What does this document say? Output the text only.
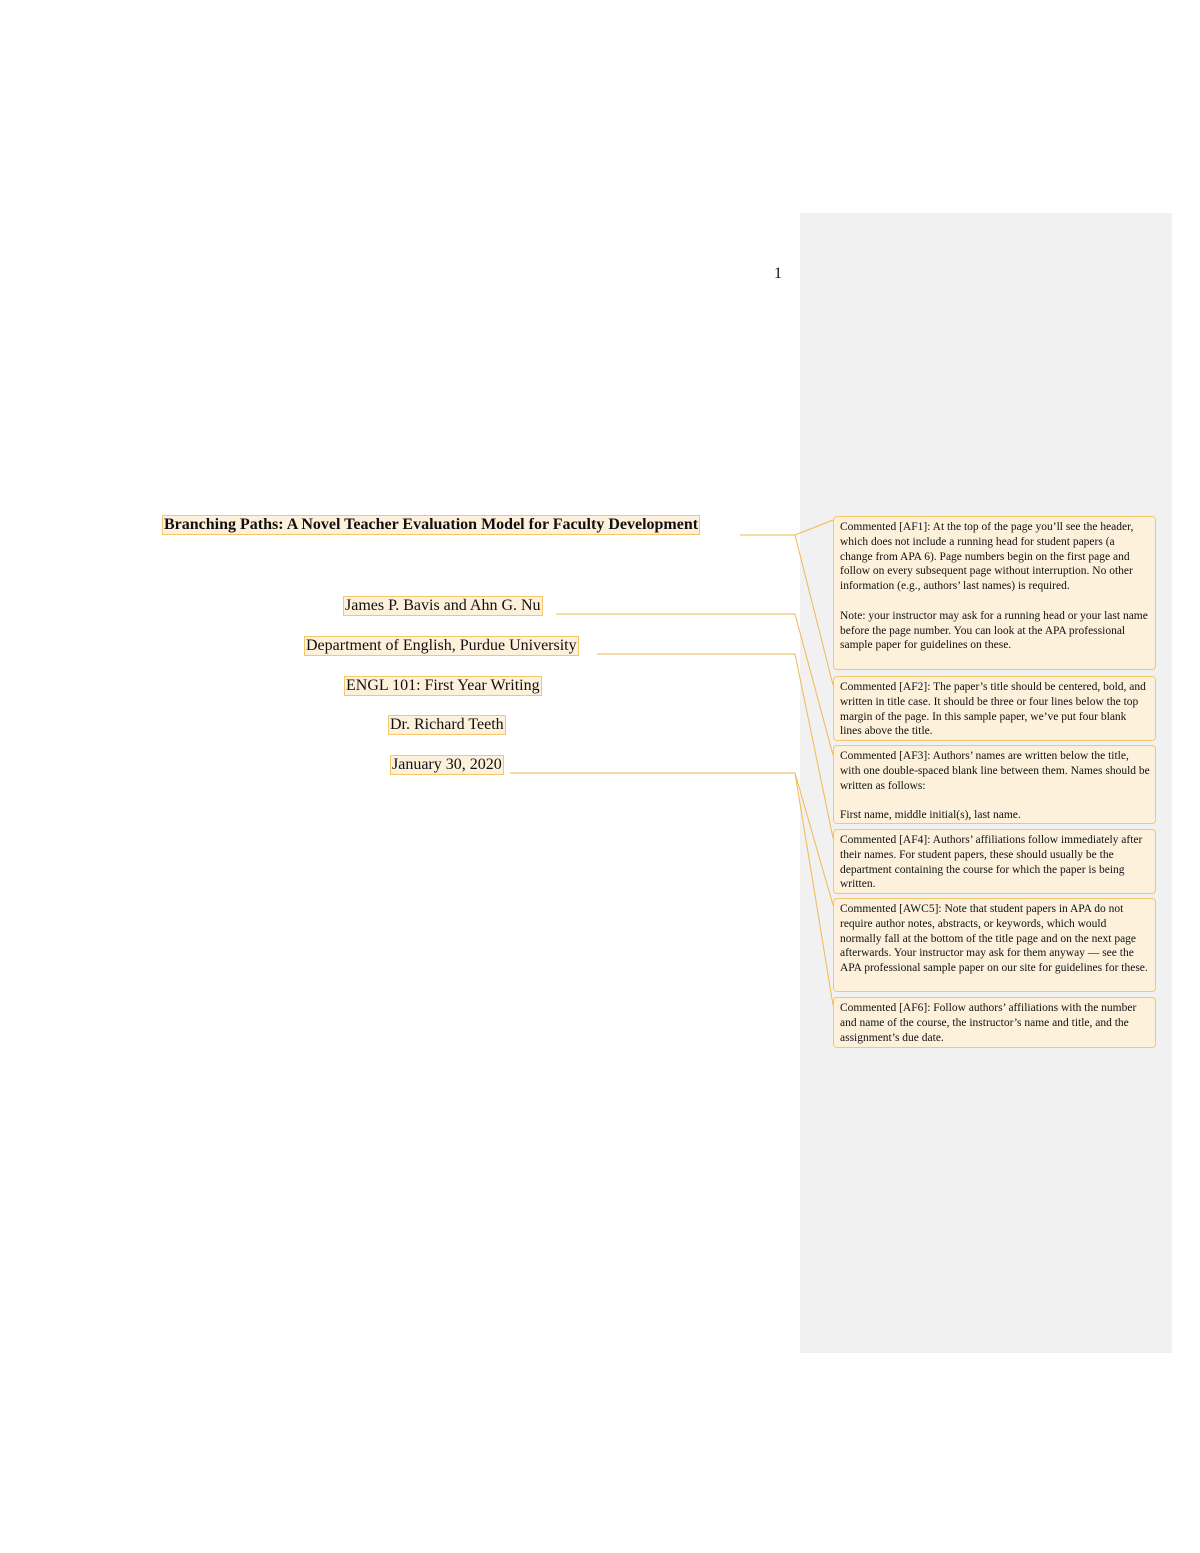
1
Branching Paths: A Novel Teacher Evaluation Model for Faculty Development
James P. Bavis and Ahn G. Nu
Department of English, Purdue University
ENGL 101: First Year Writing
Dr. Richard Teeth
January 30, 2020

Commented [AF1]: At the top of the page you’ll see the header, which does not include a running head for student papers (a change from APA 6). Page numbers begin on the first page and follow on every subsequent page without interruption. No other information (e.g., authors’ last names) is required.

Note: your instructor may ask for a running head or your last name before the page number. You can look at the APA professional sample paper for guidelines on these.

Commented [AF2]: The paper’s title should be centered, bold, and written in title case. It should be three or four lines below the top margin of the page. In this sample paper, we’ve put four blank lines above the title.

Commented [AF3]: Authors’ names are written below the title, with one double-spaced blank line between them. Names should be written as follows:

First name, middle initial(s), last name.

Commented [AF4]: Authors’ affiliations follow immediately after their names. For student papers, these should usually be the department containing the course for which the paper is being written.

Commented [AWC5]: Note that student papers in APA do not require author notes, abstracts, or keywords, which would normally fall at the bottom of the title page and on the next page afterwards. Your instructor may ask for them anyway — see the APA professional sample paper on our site for guidelines for these.

Commented [AF6]: Follow authors’ affiliations with the number and name of the course, the instructor’s name and title, and the assignment’s due date.
